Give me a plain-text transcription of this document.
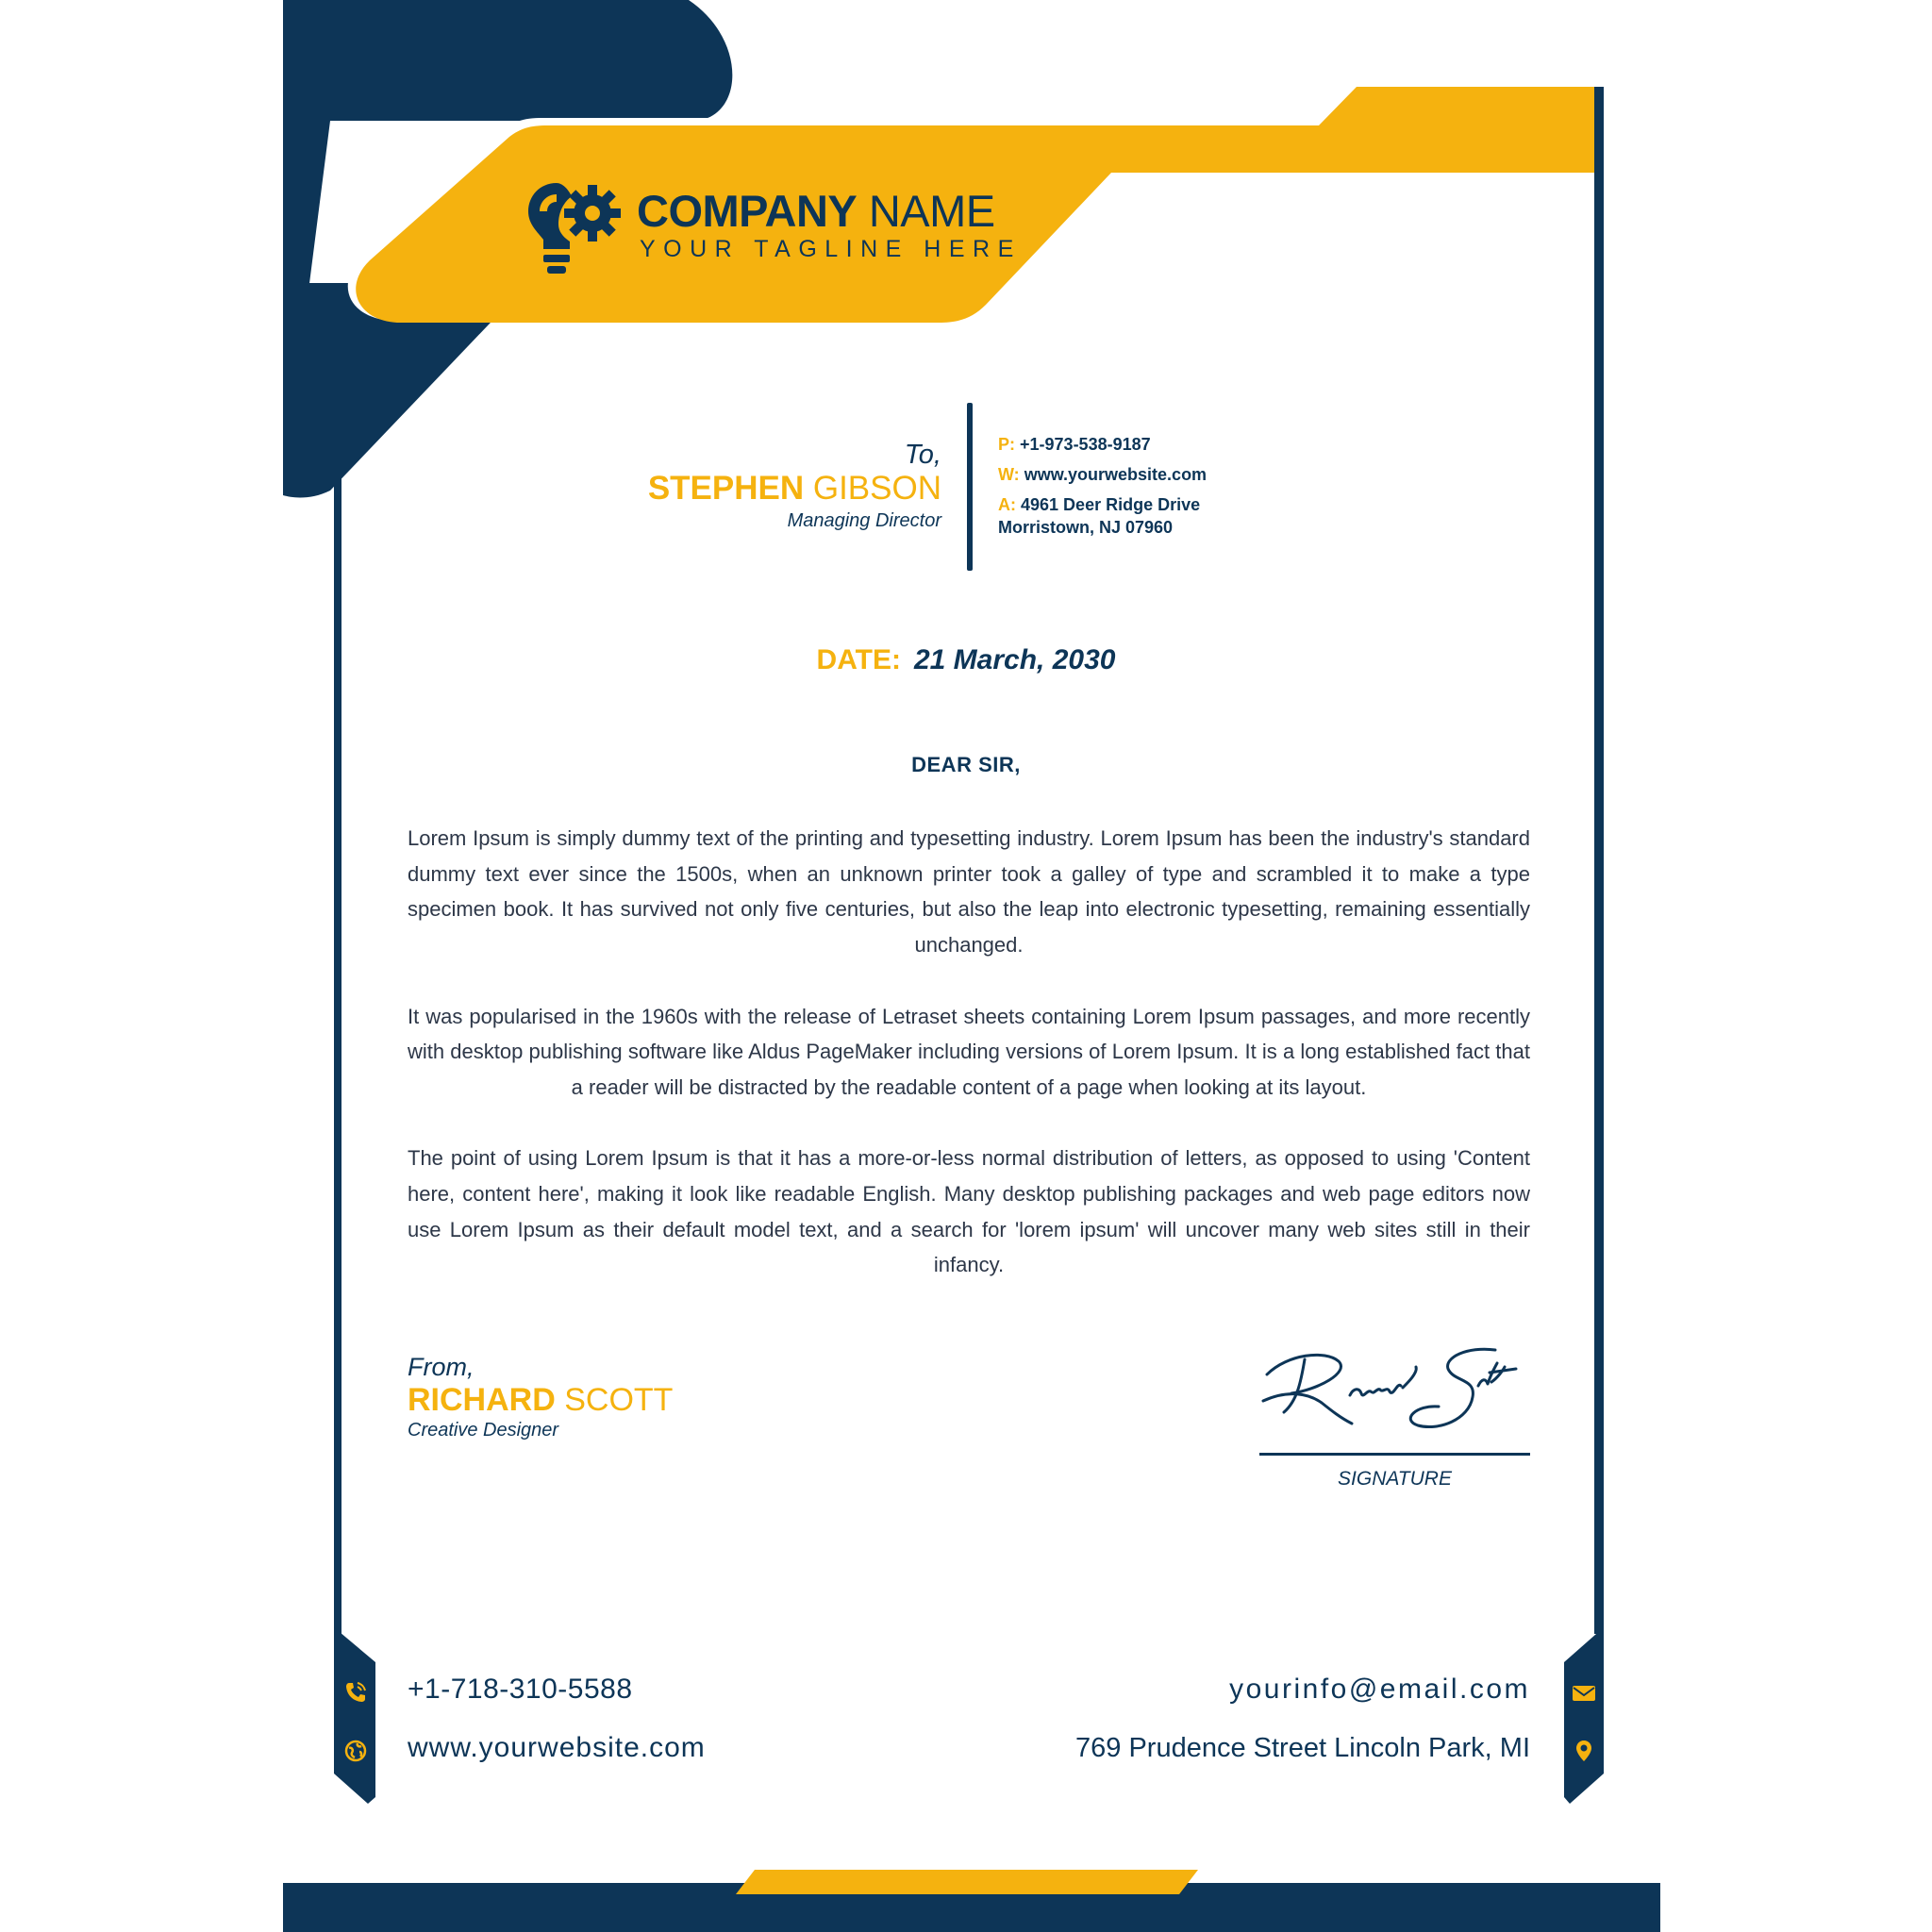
COMPANY NAME
YOUR TAGLINE HERE
To,
STEPHEN GIBSON
Managing Director
P: +1-973-538-9187
W: www.yourwebsite.com
A: 4961 Deer Ridge Drive
Morristown, NJ 07960
DATE: 21 March, 2030
DEAR SIR,

Lorem Ipsum is simply dummy text of the printing and typesetting industry. Lorem Ipsum has been the industry's standard dummy text ever since the 1500s, when an unknown printer took a galley of type and scrambled it to make a type specimen book. It has survived not only five centuries, but also the leap into electronic typesetting, remaining essentially unchanged.

It was popularised in the 1960s with the release of Letraset sheets containing Lorem Ipsum passages, and more recently with desktop publishing software like Aldus PageMaker including versions of Lorem Ipsum. It is a long established fact that a reader will be distracted by the readable content of a page when looking at its layout.

The point of using Lorem Ipsum is that it has a more-or-less normal distribution of letters, as opposed to using 'Content here, content here', making it look like readable English. Many desktop publishing packages and web page editors now use Lorem Ipsum as their default model text, and a search for 'lorem ipsum' will uncover many web sites still in their infancy.

From,
RICHARD SCOTT
Creative Designer
SIGNATURE
+1-718-310-5588
www.yourwebsite.com
yourinfo@email.com
769 Prudence Street Lincoln Park, MI
